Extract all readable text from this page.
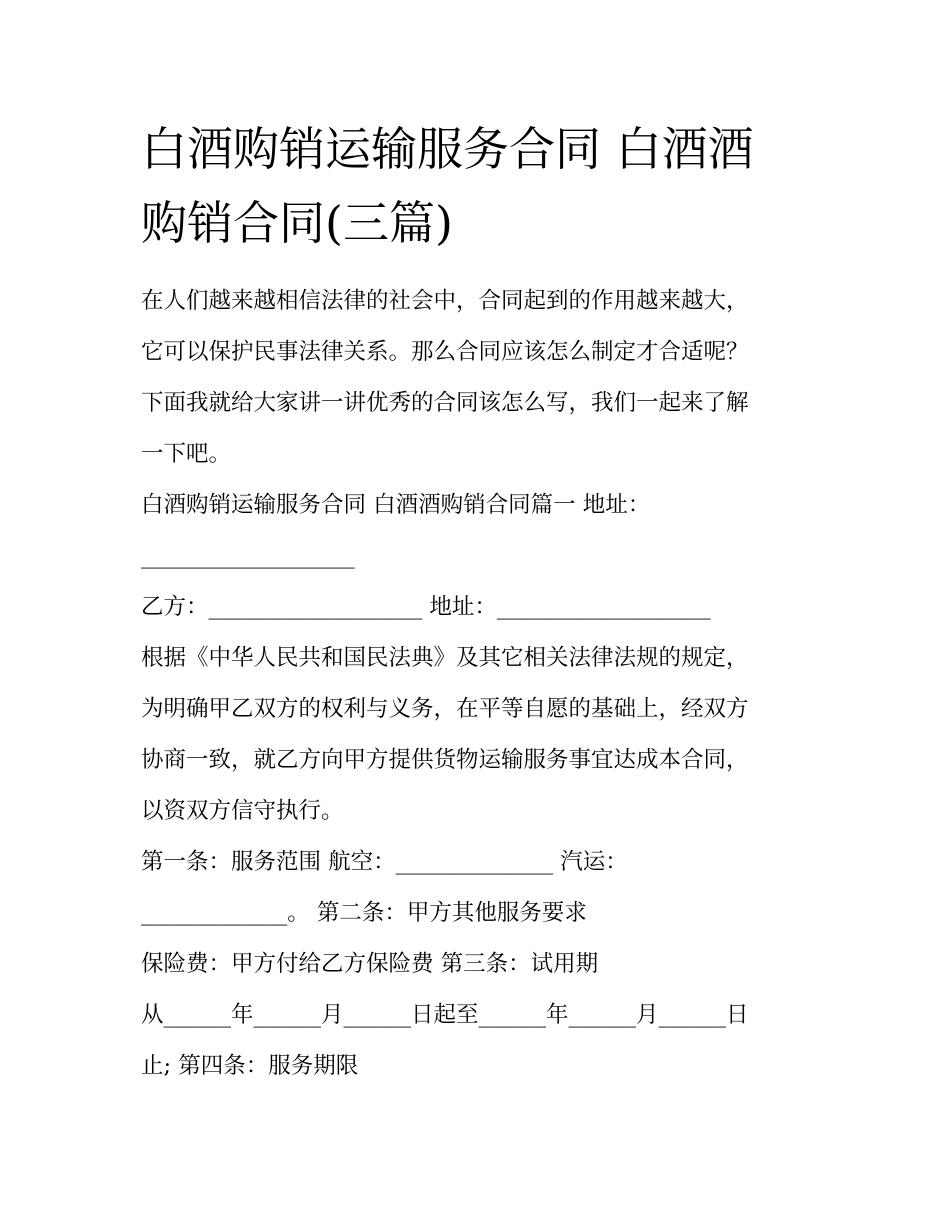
白酒购销运输服务合同 白酒酒
购销合同(三篇)
在人们越来越相信法律的社会中，合同起到的作用越来越大，
它可以保护民事法律关系。那么合同应该怎么制定才合适呢？
下面我就给大家讲一讲优秀的合同该怎么写，我们一起来了解
一下吧。
白酒购销运输服务合同 白酒酒购销合同篇一 地址：
___________________
乙方：___________________ 地址：___________________
根据《中华人民共和国民法典》及其它相关法律法规的规定，
为明确甲乙双方的权利与义务，在平等自愿的基础上，经双方
协商一致，就乙方向甲方提供货物运输服务事宜达成本合同，
以资双方信守执行。
第一条：服务范围 航空：______________ 汽运：
_____________。 第二条：甲方其他服务要求
保险费：甲方付给乙方保险费 第三条：试用期
从______年______月______日起至______年______月______日
止; 第四条：服务期限
